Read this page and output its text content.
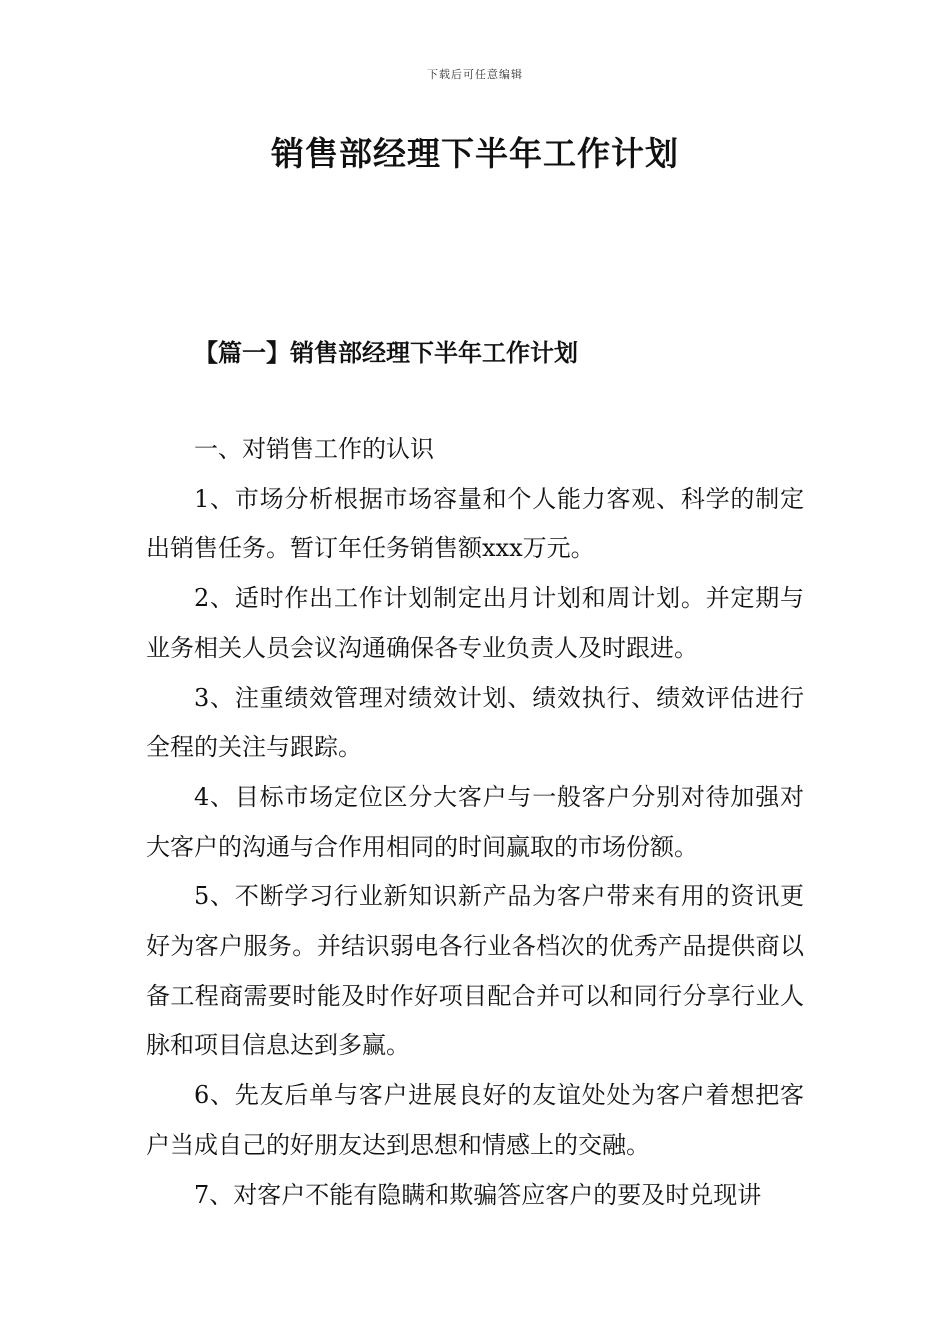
下载后可任意编辑
销售部经理下半年工作计划
【篇一】销售部经理下半年工作计划

一、对销售工作的认识

1、市场分析根据市场容量和个人能力客观、科学的制定出销售任务。暂订年任务销售额xxx万元。

2、适时作出工作计划制定出月计划和周计划。并定期与业务相关人员会议沟通确保各专业负责人及时跟进。

3、注重绩效管理对绩效计划、绩效执行、绩效评估进行全程的关注与跟踪。

4、目标市场定位区分大客户与一般客户分别对待加强对大客户的沟通与合作用相同的时间赢取的市场份额。

5、不断学习行业新知识新产品为客户带来有用的资讯更好为客户服务。并结识弱电各行业各档次的优秀产品提供商以备工程商需要时能及时作好项目配合并可以和同行分享行业人脉和项目信息达到多赢。

6、先友后单与客户进展良好的友谊处处为客户着想把客户当成自己的好朋友达到思想和情感上的交融。

7、对客户不能有隐瞒和欺骗答应客户的要及时兑现讲
